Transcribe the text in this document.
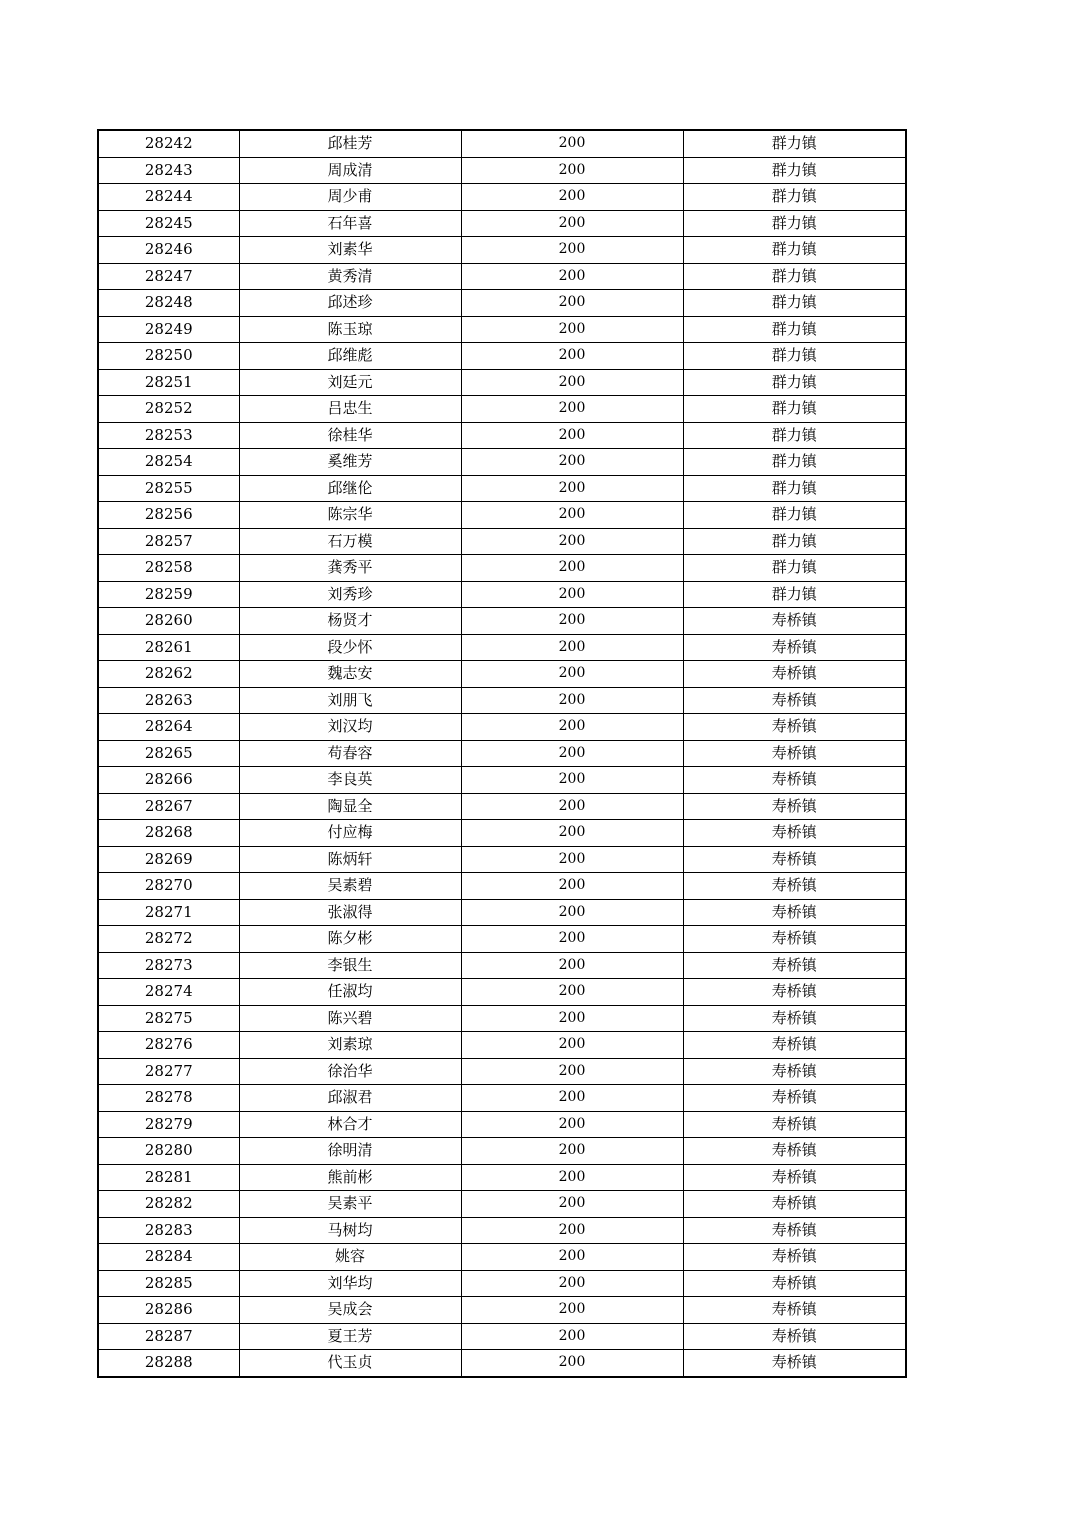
28242	邱桂芳	200	群力镇
28243	周成清	200	群力镇
28244	周少甫	200	群力镇
28245	石年喜	200	群力镇
28246	刘素华	200	群力镇
28247	黄秀清	200	群力镇
28248	邱述珍	200	群力镇
28249	陈玉琼	200	群力镇
28250	邱维彪	200	群力镇
28251	刘廷元	200	群力镇
28252	吕忠生	200	群力镇
28253	徐桂华	200	群力镇
28254	奚维芳	200	群力镇
28255	邱继伦	200	群力镇
28256	陈宗华	200	群力镇
28257	石万模	200	群力镇
28258	龚秀平	200	群力镇
28259	刘秀珍	200	群力镇
28260	杨贤才	200	寿桥镇
28261	段少怀	200	寿桥镇
28262	魏志安	200	寿桥镇
28263	刘朋飞	200	寿桥镇
28264	刘汉均	200	寿桥镇
28265	苟春容	200	寿桥镇
28266	李良英	200	寿桥镇
28267	陶显全	200	寿桥镇
28268	付应梅	200	寿桥镇
28269	陈炳轩	200	寿桥镇
28270	吴素碧	200	寿桥镇
28271	张淑得	200	寿桥镇
28272	陈夕彬	200	寿桥镇
28273	李银生	200	寿桥镇
28274	任淑均	200	寿桥镇
28275	陈兴碧	200	寿桥镇
28276	刘素琼	200	寿桥镇
28277	徐治华	200	寿桥镇
28278	邱淑君	200	寿桥镇
28279	林合才	200	寿桥镇
28280	徐明清	200	寿桥镇
28281	熊前彬	200	寿桥镇
28282	吴素平	200	寿桥镇
28283	马树均	200	寿桥镇
28284	姚容	200	寿桥镇
28285	刘华均	200	寿桥镇
28286	吴成会	200	寿桥镇
28287	夏王芳	200	寿桥镇
28288	代玉贞	200	寿桥镇
